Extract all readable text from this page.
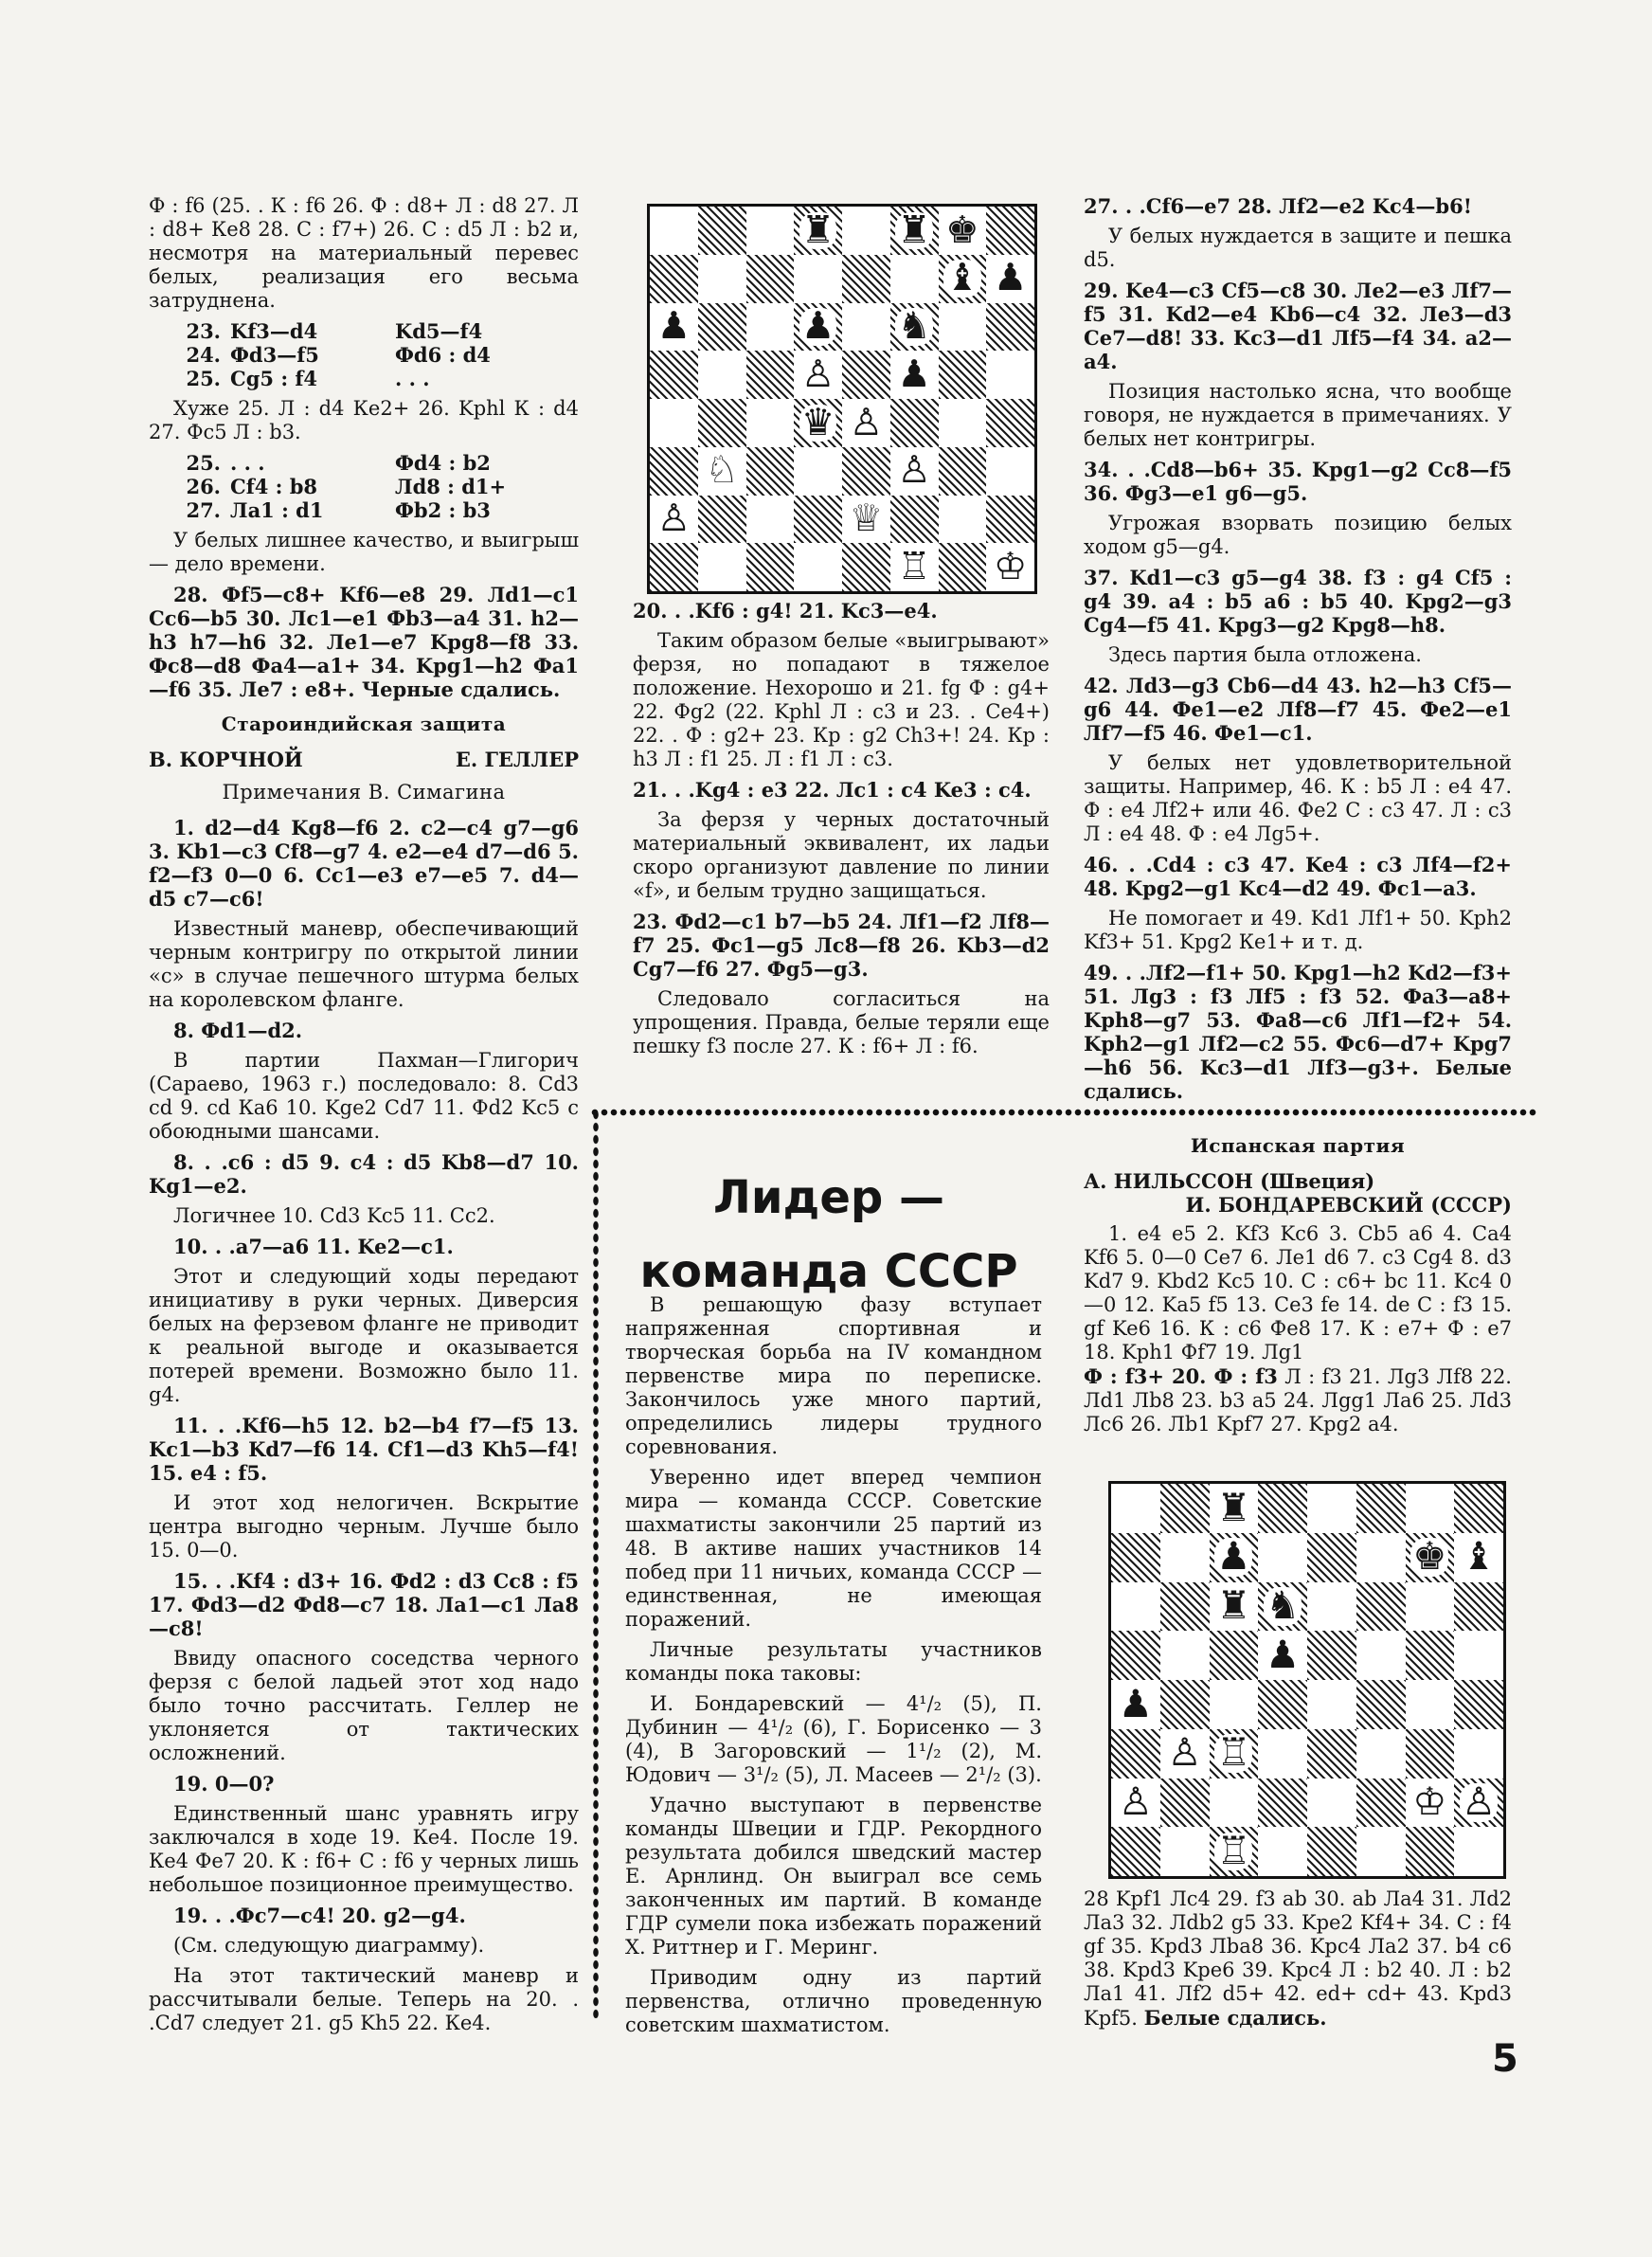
Ф : f6 (25. . К : f6 26. Ф : d8+ Л : d8 27. Л : d8+ Ке8 28. С : f7+) 26. С : d5 Л : b2 и, несмотря на материальный перевес белых, реализация его весьма затруднена.

23.	Kf3—d4	Kd5—f4
24.	Фd3—f5	Фd6 : d4
25.	Cg5 : f4	. . .

Хуже 25. Л : d4 Ке2+ 26. Kphl К : d4 27. Фс5 Л : b3.

25.	. . .	Фd4 : b2
26.	Cf4 : b8	Лd8 : d1+
27.	Лa1 : d1	Фb2 : b3

У белых лишнее качество, и выигрыш — дело времени.

28. Фf5—c8+ Kf6—e8 29. Лd1—c1 Cc6—b5 30. Лc1—e1 Фb3—a4 31. h2—h3 h7—h6 32. Лe1—e7 Kpg8—f8 33. Фc8—d8 Фa4—a1+ 34. Kpg1—h2 Фa1—f6 35. Лe7 : e8+. Черные сдались.

Староиндийская защита
В. КОРЧНОЙ	Е. ГЕЛЛЕР
Примечания В. Симагина

1. d2—d4 Kg8—f6 2. c2—c4 g7—g6 3. Kb1—c3 Cf8—g7 4. e2—e4 d7—d6 5. f2—f3 0—0 6. Cc1—e3 e7—e5 7. d4—d5 c7—c6!

Известный маневр, обеспечивающий черным контригру по открытой линии «с» в случае пешечного штурма белых на королевском фланге.

8. Фd1—d2.

В партии Пахман—Глигорич (Сараево, 1963 г.) последовало: 8. Cd3 cd 9. cd Ка6 10. Kge2 Cd7 11. Фd2 Kc5 с обоюдными шансами.

8. . .c6 : d5 9. c4 : d5 Kb8—d7 10. Kg1—e2.

Логичнее 10. Cd3 Kc5 11. Cc2.

10. . .a7—a6 11. Ke2—c1.

Этот и следующий ходы передают инициативу в руки черных. Диверсия белых на ферзевом фланге не приводит к реальной выгоде и оказывается потерей времени. Возможно было 11. g4.

11. . .Kf6—h5 12. b2—b4 f7—f5 13. Kc1—b3 Kd7—f6 14. Cf1—d3 Kh5—f4! 15. e4 : f5.

И этот ход нелогичен. Вскрытие центра выгодно черным. Лучше было 15. 0—0.

15. . .Kf4 : d3+ 16. Фd2 : d3 Cc8 : f5 17. Фd3—d2 Фd8—c7 18. Лa1—c1 Лa8—c8!

Ввиду опасного соседства черного ферзя с белой ладьей этот ход надо было точно рассчитать. Геллер не уклоняется от тактических осложнений.

19. 0—0?

Единственный шанс уравнять игру заключался в ходе 19. Ке4. После 19. Ке4 Фе7 20. К : f6+ С : f6 у черных лишь небольшое позиционное преимущество.

19. . .Фc7—c4! 20. g2—g4.

(См. следующую диаграмму).

На этот тактический маневр и рассчитывали белые. Теперь на 20. . .Cd7 следует 21. g5 Kh5 22. Ке4.

♜ ♜ ♚
♝ ♟
♟	♟ ♞
♙ ♟
♛ ♙
♘	♙
♙	♕
♖ ♔

20. . .Kf6 : g4! 21. Kc3—e4.

Таким образом белые «выигрывают» ферзя, но попадают в тяжелое положение. Нехорошо и 21. fg Ф : g4+ 22. Фg2 (22. Kphl Л : c3 и 23. . Се4+) 22. . Ф : g2+ 23. Кр : g2 Ch3+! 24. Кр : h3 Л : f1 25. Л : f1 Л : c3.

21. . .Kg4 : e3 22. Лc1 : c4 Ke3 : c4.

За ферзя у черных достаточный материальный эквивалент, их ладьи скоро организуют давление по линии «f», и белым трудно защищаться.

23. Фd2—c1 b7—b5 24. Лf1—f2 Лf8—f7 25. Фc1—g5 Лc8—f8 26. Kb3—d2 Cg7—f6 27. Фg5—g3.

Следовало согласиться на упрощения. Правда, белые теряли еще пешку f3 после 27. К : f6+ Л : f6.

27. . .Cf6—e7 28. Лf2—e2 Kc4—b6!

У белых нуждается в защите и пешка d5.

29. Ke4—c3 Cf5—c8 30. Лe2—e3 Лf7—f5 31. Kd2—e4 Kb6—c4 32. Лe3—d3 Ce7—d8! 33. Kc3—d1 Лf5—f4 34. a2—a4.

Позиция настолько ясна, что вообще говоря, не нуждается в примечаниях. У белых нет контригры.

34. . .Cd8—b6+ 35. Kpg1—g2 Cc8—f5 36. Фg3—e1 g6—g5.

Угрожая взорвать позицию белых ходом g5—g4.

37. Kd1—c3 g5—g4 38. f3 : g4 Cf5 : g4 39. a4 : b5 a6 : b5 40. Kpg2—g3 Cg4—f5 41. Kpg3—g2 Kpg8—h8.

Здесь партия была отложена.

42. Лd3—g3 Cb6—d4 43. h2—h3 Cf5—g6 44. Фe1—e2 Лf8—f7 45. Фe2—e1 Лf7—f5 46. Фe1—c1.

У белых нет удовлетворительной защиты. Например, 46. К : b5 Л : е4 47. Ф : е4 Лf2+ или 46. Фе2 С : с3 47. Л : с3 Л : е4 48. Ф : е4 Лg5+.

46. . .Cd4 : c3 47. Ke4 : c3 Лf4—f2+ 48. Kpg2—g1 Kc4—d2 49. Фc1—a3.

Не помогает и 49. Kd1 Лf1+ 50. Kph2 Kf3+ 51. Kpg2 Ке1+ и т. д.

49. . .Лf2—f1+ 50. Kpg1—h2 Kd2—f3+ 51. Лg3 : f3 Лf5 : f3 52. Фa3—a8+ Kph8—g7 53. Фa8—c6 Лf1—f2+ 54. Kph2—g1 Лf2—c2 55. Фc6—d7+ Kpg7—h6 56. Kc3—d1 Лf3—g3+. Белые сдались.

Лидер —
команда СССР

В решающую фазу вступает напряженная спортивная и творческая борьба на IV командном первенстве мира по переписке. Закончилось уже много партий, определились лидеры трудного соревнования.

Уверенно идет вперед чемпион мира — команда СССР. Советские шахматисты закончили 25 партий из 48. В активе наших участников 14 побед при 11 ничьих, команда СССР — единственная, не имеющая поражений.

Личные результаты участников команды пока таковы:

И. Бондаревский — 4¹/₂ (5), П. Дубинин — 4¹/₂ (6), Г. Борисенко — 3 (4), В Загоровский — 1¹/₂ (2), М. Юдович — 3¹/₂ (5), Л. Масеев — 2¹/₂ (3).

Удачно выступают в первенстве команды Швеции и ГДР. Рекордного результата добился шведский мастер Е. Арнлинд. Он выиграл все семь законченных им партий. В команде ГДР сумели пока избежать поражений X. Риттнер и Г. Меринг.

Приводим одну из партий первенства, отлично проведенную советским шахматистом.

Испанская партия
А. НИЛЬССОН (Швеция)
И. БОНДАРЕВСКИЙ (СССР)

1. e4 e5 2. Kf3 Kc6 3. Cb5 a6 4. Ca4 Kf6 5. 0—0 Ce7 6. Лe1 d6 7. c3 Cg4 8. d3 Kd7 9. Kbd2 Kc5 10. C : c6+ bc 11. Kc4 0—0 12. Ka5 f5 13. Ce3 fe 14. de C : f3 15. gf Ke6 16. К : c6 Фe8 17. К : e7+ Ф : e7 18. Kph1 Фf7 19. Лg1
Ф : f3+ 20. Ф : f3 Л : f3 21. Лg3 Лf8 22. Лd1 Лb8 23. b3 a5 24. Лgg1 Лa6 25. Лd3 Лc6 26. Лb1 Kpf7 27. Kpg2 a4.

♜
♟	♚ ♝
♜ ♞
♟
♟
♙ ♖
♙	♔ ♙
♖

28 Kpf1 Лc4 29. f3 ab 30. ab Лa4 31. Лd2 Лa3 32. Лdb2 g5 33. Kpe2 Kf4+ 34. С : f4 gf 35. Kpd3 Лba8 36. Kpc4 Лa2 37. b4 c6 38. Kpd3 Kpe6 39. Kpc4 Л : b2 40. Л : b2 Лa1 41. Лf2 d5+ 42. ed+ cd+ 43. Kpd3 Kpf5. Белые сдались.

5
